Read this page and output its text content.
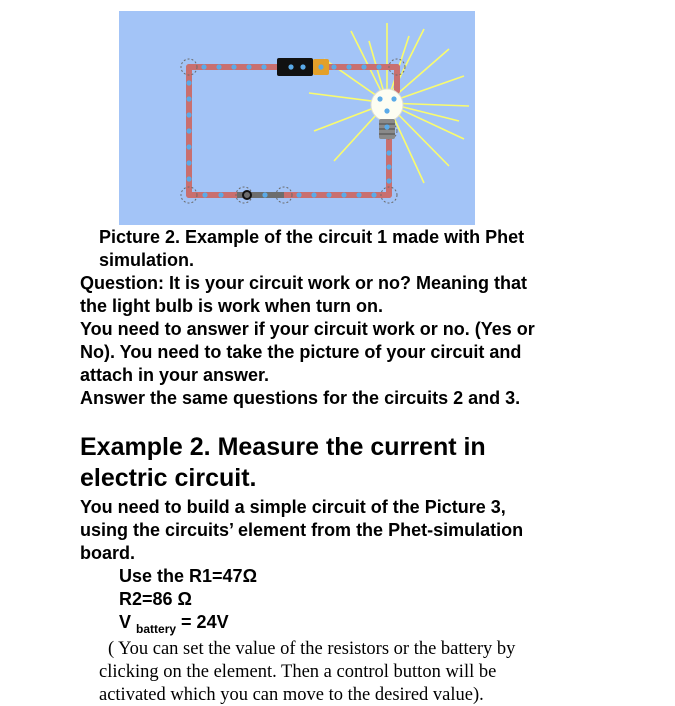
Picture 2. Example of the circuit 1 made with Phet
simulation.
Question: It is your circuit work or no? Meaning that
the light bulb is work when turn on.
You need to answer if your circuit work or no. (Yes or
No). You need to take the picture of your circuit and
attach in your answer.
Answer the same questions for the circuits 2 and 3.
Example 2. Measure the current in
electric circuit.
You need to build a simple circuit of the Picture 3,
using the circuits’ element from the Phet-simulation
board.
Use the R1=47Ω
R2=86 Ω
V $_{battery}$ = 24V
( You can set the value of the resistors or the battery by
clicking on the element. Then a control button will be
activated which you can move to the desired value).
